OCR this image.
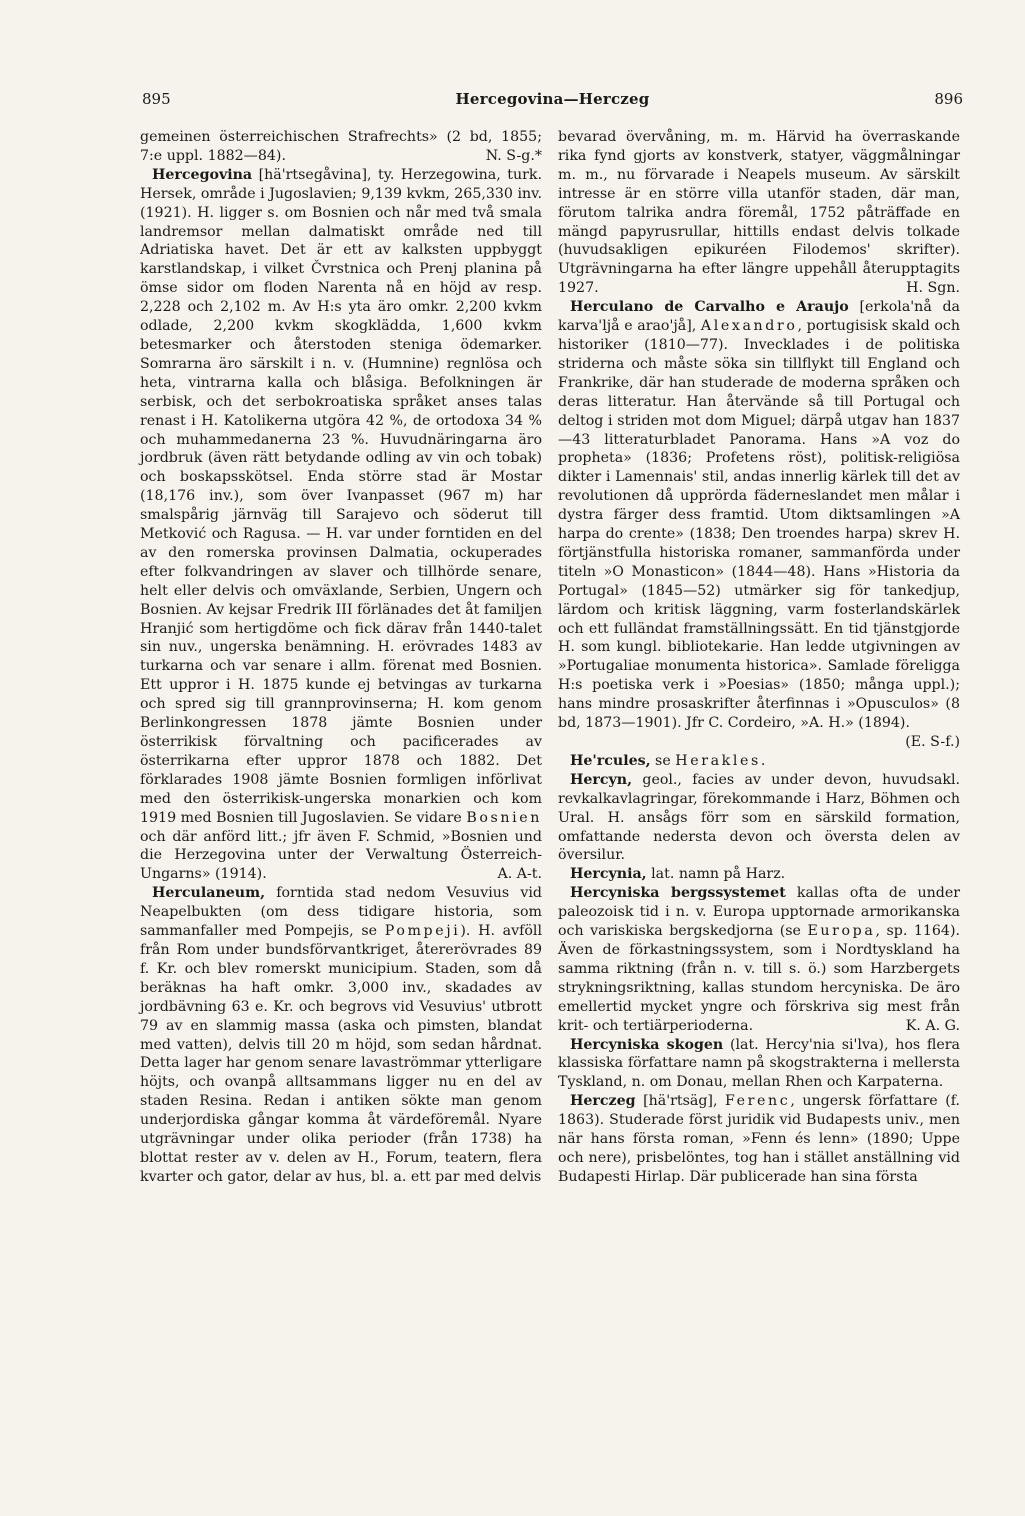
895	Hercegovina—Herczeg	896

gemeinen österreichischen Strafrechts» (2 bd, 1855; 7:e uppl. 1882—84).	N. S-g.*

Hercegovina [hä'rtsegåvina], ty. Herzegowina, turk. Hersek, område i Jugoslavien; 9,139 kvkm, 265,330 inv. (1921). H. ligger s. om Bosnien och når med två smala landremsor mellan dalmatiskt område ned till Adriatiska havet. Det är ett av kalksten uppbyggt karstlandskap, i vilket Čvrstnica och Prenj planina på ömse sidor om floden Narenta nå en höjd av resp. 2,228 och 2,102 m. Av H:s yta äro omkr. 2,200 kvkm odlade, 2,200 kvkm skogklädda, 1,600 kvkm betesmarker och återstoden steniga ödemarker. Somrarna äro särskilt i n. v. (Humnine) regnlösa och heta, vintrarna kalla och blåsiga. Befolkningen är serbisk, och det serbokroatiska språket anses talas renast i H. Katolikerna utgöra 42 %, de ortodoxa 34 % och muhammedanerna 23 %. Huvudnäringarna äro jordbruk (även rätt betydande odling av vin och tobak) och boskapsskötsel. Enda större stad är Mostar (18,176 inv.), som över Ivanpasset (967 m) har smalspårig järnväg till Sarajevo och söderut till Metković och Ragusa. — H. var under forntiden en del av den romerska provinsen Dalmatia, ockuperades efter folkvandringen av slaver och tillhörde senare, helt eller delvis och omväxlande, Serbien, Ungern och Bosnien. Av kejsar Fredrik III förlänades det åt familjen Hranjić som hertigdöme och fick därav från 1440-talet sin nuv., ungerska benämning. H. erövrades 1483 av turkarna och var senare i allm. förenat med Bosnien. Ett uppror i H. 1875 kunde ej betvingas av turkarna och spred sig till grannprovinserna; H. kom genom Berlinkongressen 1878 jämte Bosnien under österrikisk förvaltning och pacificerades av österrikarna efter uppror 1878 och 1882. Det förklarades 1908 jämte Bosnien formligen införlivat med den österrikisk-ungerska monarkien och kom 1919 med Bosnien till Jugoslavien. Se vidare Bosnien och där anförd litt.; jfr även F. Schmid, »Bosnien und die Herzegovina unter der Verwaltung Österreich-Ungarns» (1914).	A. A-t.

Herculaneum, forntida stad nedom Vesuvius vid Neapelbukten (om dess tidigare historia, som sammanfaller med Pompejis, se Pompeji). H. avföll från Rom under bundsförvantkriget, återerövrades 89 f. Kr. och blev romerskt municipium. Staden, som då beräknas ha haft omkr. 3,000 inv., skadades av jordbävning 63 e. Kr. och begrovs vid Vesuvius' utbrott 79 av en slammig massa (aska och pimsten, blandat med vatten), delvis till 20 m höjd, som sedan hårdnat. Detta lager har genom senare lavaströmmar ytterligare höjts, och ovanpå alltsammans ligger nu en del av staden Resina. Redan i antiken sökte man genom underjordiska gångar komma åt värdeföremål. Nyare utgrävningar under olika perioder (från 1738) ha blottat rester av v. delen av H., Forum, teatern, flera kvarter och gator, delar av hus, bl. a. ett par med delvis

bevarad övervåning, m. m. Härvid ha överraskande rika fynd gjorts av konstverk, statyer, väggmålningar m. m., nu förvarade i Neapels museum. Av särskilt intresse är en större villa utanför staden, där man, förutom talrika andra föremål, 1752 påträffade en mängd papyrusrullar, hittills endast delvis tolkade (huvudsakligen epikuréen Filodemos' skrifter). Utgrävningarna ha efter längre uppehåll återupptagits 1927.	H. Sgn.

Herculano de Carvalho e Araujo [erkola'nå da karva'ljå e arao'jå], Alexandro, portugisisk skald och historiker (1810—77). Invecklades i de politiska striderna och måste söka sin tillflykt till England och Frankrike, där han studerade de moderna språken och deras litteratur. Han återvände så till Portugal och deltog i striden mot dom Miguel; därpå utgav han 1837—43 litteraturbladet Panorama. Hans »A voz do propheta» (1836; Profetens röst), politisk-religiösa dikter i Lamennais' stil, andas innerlig kärlek till det av revolutionen då upprörda fäderneslandet men målar i dystra färger dess framtid. Utom diktsamlingen »A harpa do crente» (1838; Den troendes harpa) skrev H. förtjänstfulla historiska romaner, sammanförda under titeln »O Monasticon» (1844—48). Hans »Historia da Portugal» (1845—52) utmärker sig för tankedjup, lärdom och kritisk läggning, varm fosterlandskärlek och ett fulländat framställningssätt. En tid tjänstgjorde H. som kungl. bibliotekarie. Han ledde utgivningen av »Portugaliae monumenta historica». Samlade föreligga H:s poetiska verk i »Poesias» (1850; många uppl.); hans mindre prosaskrifter återfinnas i »Opusculos» (8 bd, 1873—1901). Jfr C. Cordeiro, »A. H.» (1894).
(E. S-f.)

He'rcules, se Herakles.

Hercyn, geol., facies av under devon, huvudsakl. revkalkavlagringar, förekommande i Harz, Böhmen och Ural. H. ansågs förr som en särskild formation, omfattande nedersta devon och översta delen av översilur.

Hercynia, lat. namn på Harz.

Hercyniska bergssystemet kallas ofta de under paleozoisk tid i n. v. Europa upptornade armorikanska och variskiska bergskedjorna (se Europa, sp. 1164). Även de förkastningssystem, som i Nordtyskland ha samma riktning (från n. v. till s. ö.) som Harzbergets strykningsriktning, kallas stundom hercyniska. De äro emellertid mycket yngre och förskriva sig mest från krit- och tertiärperioderna.	K. A. G.

Hercyniska skogen (lat. Hercy'nia si'lva), hos flera klassiska författare namn på skogstrakterna i mellersta Tyskland, n. om Donau, mellan Rhen och Karpaterna.

Herczeg [hä'rtsäg], Ferenc, ungersk författare (f. 1863). Studerade först juridik vid Budapests univ., men när hans första roman, »Fenn és lenn» (1890; Uppe och nere), prisbelöntes, tog han i stället anställning vid Budapesti Hirlap. Där publicerade han sina första
